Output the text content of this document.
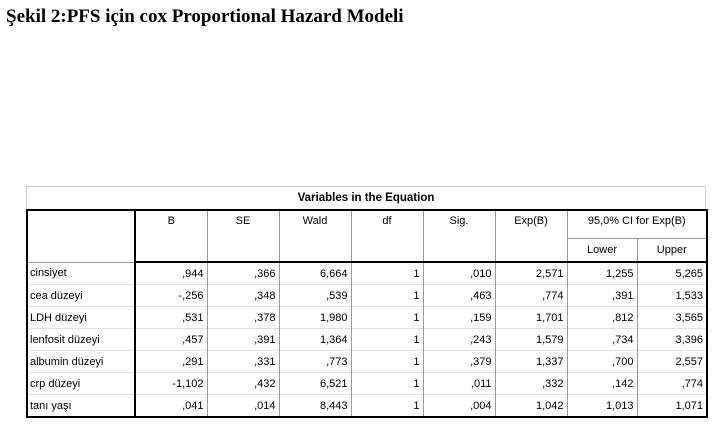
Şekil 2:PFS için cox Proportional Hazard Modeli
Variables in the Equation
	B	SE	Wald	df	Sig.	Exp(B)	95,0% CI for Exp(B)	
							Lower	Upper
cinsiyet	,944	,366	6,664	1	,010	2,571	1,255	5,265
cea düzeyi	-,256	,348	,539	1	,463	,774	,391	1,533
LDH düzeyi	,531	,378	1,980	1	,159	1,701	,812	3,565
lenfosit düzeyi	,457	,391	1,364	1	,243	1,579	,734	3,396
albumin düzeyi	,291	,331	,773	1	,379	1,337	,700	2,557
crp düzeyi	-1,102	,432	6,521	1	,011	,332	,142	,774
tanı yaşı	,041	,014	8,443	1	,004	1,042	1,013	1,071
